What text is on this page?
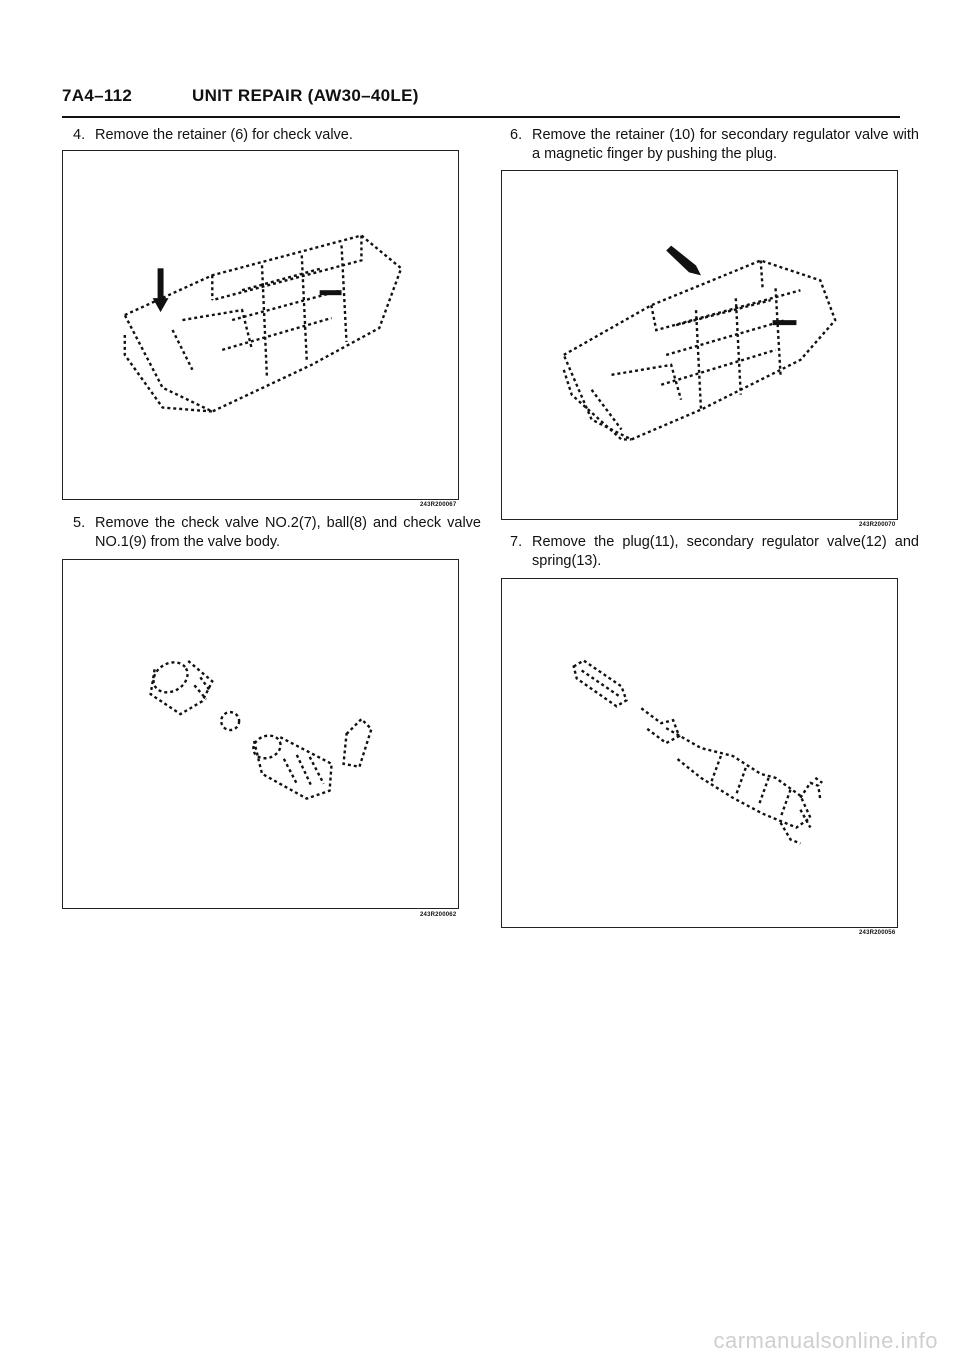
7A4–112	UNIT REPAIR (AW30–40LE)
4. Remove the retainer (6) for check valve.
243R200067
5. Remove the check valve NO.2(7), ball(8) and check valve NO.1(9) from the valve body.
243R200062
6. Remove the retainer (10) for secondary regulator valve with a magnetic finger by pushing the plug.
243R200070
7. Remove the plug(11), secondary regulator valve(12) and spring(13).
243R200056
carmanualsonline.info
